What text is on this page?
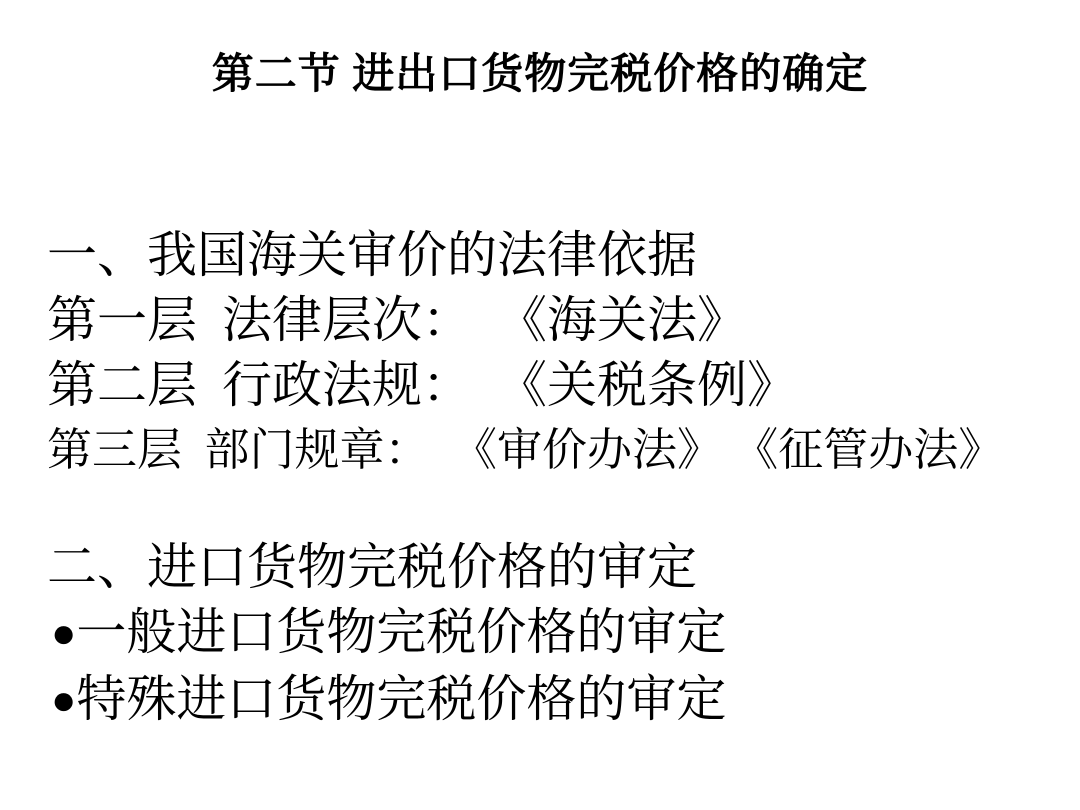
第二节 进出口货物完税价格的确定

一、我国海关审价的法律依据

第一层  法律层次：  《海关法》

第二层  行政法规：  《关税条例》

第三层  部门规章：  《审价办法》 《征管办法》

二、进口货物完税价格的审定

●一般进口货物完税价格的审定

●特殊进口货物完税价格的审定
